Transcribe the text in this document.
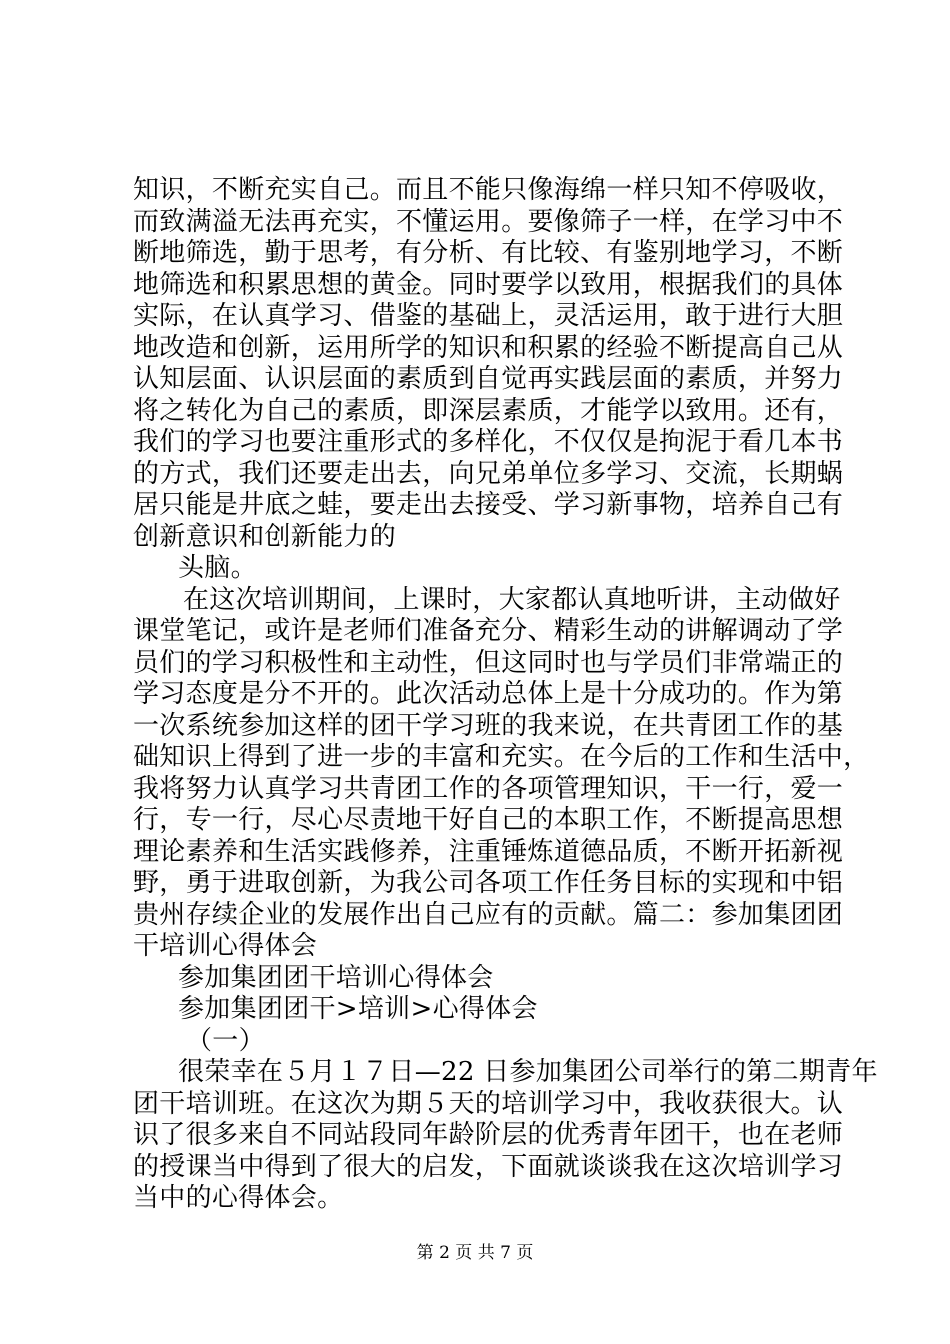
知识，不断充实自己。而且不能只像海绵一样只知不停吸收，
而致满溢无法再充实，不懂运用。要像筛子一样，在学习中不
断地筛选，勤于思考，有分析、有比较、有鉴别地学习，不断
地筛选和积累思想的黄金。同时要学以致用，根据我们的具体
实际，在认真学习、借鉴的基础上，灵活运用，敢于进行大胆
地改造和创新，运用所学的知识和积累的经验不断提高自己从
认知层面、认识层面的素质到自觉再实践层面的素质，并努力
将之转化为自己的素质，即深层素质，才能学以致用。还有，
我们的学习也要注重形式的多样化，不仅仅是拘泥于看几本书
的方式，我们还要走出去，向兄弟单位多学习、交流，长期蜗
居只能是井底之蛙，要走出去接受、学习新事物，培养自己有
创新意识和创新能力的
头脑。
在这次培训期间，上课时，大家都认真地听讲，主动做好
课堂笔记，或许是老师们准备充分、精彩生动的讲解调动了学
员们的学习积极性和主动性，但这同时也与学员们非常端正的
学习态度是分不开的。此次活动总体上是十分成功的。作为第
一次系统参加这样的团干学习班的我来说，在共青团工作的基
础知识上得到了进一步的丰富和充实。在今后的工作和生活中，
我将努力认真学习共青团工作的各项管理知识，干一行，爱一
行，专一行，尽心尽责地干好自己的本职工作，不断提高思想
理论素养和生活实践修养，注重锤炼道德品质，不断开拓新视
野，勇于进取创新，为我公司各项工作任务目标的实现和中铝
贵州存续企业的发展作出自己应有的贡献。篇二：参加集团团
干培训心得体会
参加集团团干培训心得体会
参加集团团干>培训>心得体会
（一）
很荣幸在５月１７日—22 日参加集团公司举行的第二期青年
团干培训班。在这次为期５天的培训学习中，我收获很大。认
识了很多来自不同站段同年龄阶层的优秀青年团干，也在老师
的授课当中得到了很大的启发，下面就谈谈我在这次培训学习
当中的心得体会。
第 2 页 共 7 页
